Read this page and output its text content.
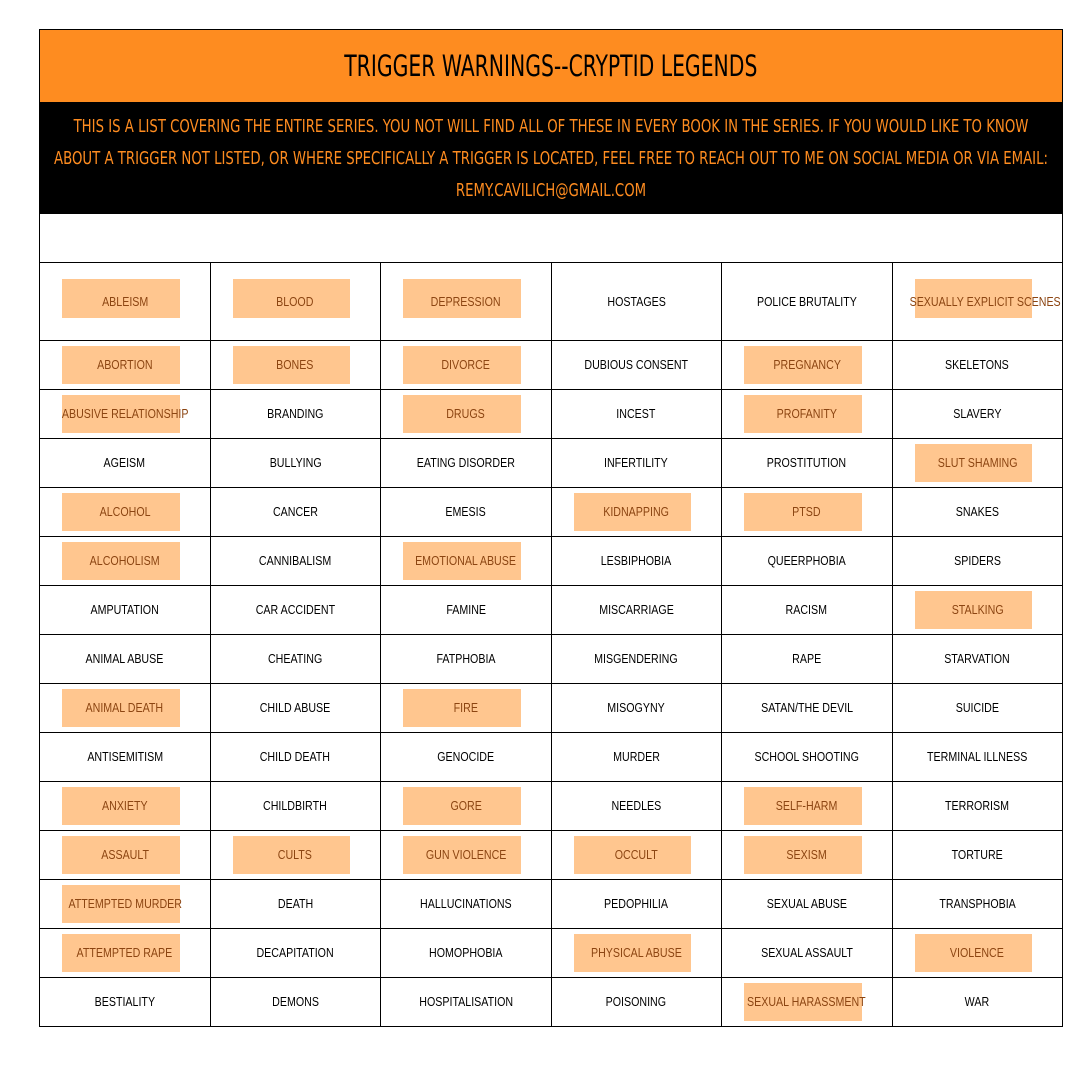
TRIGGER WARNINGS--CRYPTID LEGENDS
THIS IS A LIST COVERING THE ENTIRE SERIES. YOU NOT WILL FIND ALL OF THESE IN EVERY BOOK IN THE SERIES. IF YOU WOULD LIKE TO KNOW ABOUT A TRIGGER NOT LISTED, OR WHERE SPECIFICALLY A TRIGGER IS LOCATED, FEEL FREE TO REACH OUT TO ME ON SOCIAL MEDIA OR VIA EMAIL: REMY.CAVILICH@GMAIL.COM
ABLEISM	BLOOD	DEPRESSION	HOSTAGES	POLICE BRUTALITY	SEXUALLY EXPLICIT SCENES

ABORTION	BONES	DIVORCE	DUBIOUS CONSENT	PREGNANCY	SKELETONS

ABUSIVE RELATIONSHIP	BRANDING	DRUGS	INCEST	PROFANITY	SLAVERY
AGEISM	BULLYING	EATING DISORDER	INFERTILITY	PROSTITUTION	SLUT SHAMING

ALCOHOL	CANCER	EMESIS	KIDNAPPING	PTSD	SNAKES

ALCOHOLISM	CANNIBALISM	EMOTIONAL ABUSE	LESBIPHOBIA	QUEERPHOBIA	SPIDERS
AMPUTATION	CAR ACCIDENT	FAMINE	MISCARRIAGE	RACISM	STALKING
ANIMAL ABUSE	CHEATING	FATPHOBIA	MISGENDERING	RAPE	STARVATION

ANIMAL DEATH	CHILD ABUSE	FIRE	MISOGYNY	SATAN/THE DEVIL	SUICIDE
ANTISEMITISM	CHILD DEATH	GENOCIDE	MURDER	SCHOOL SHOOTING	TERMINAL ILLNESS

ANXIETY	CHILDBIRTH	GORE	NEEDLES	SELF-HARM	TERRORISM

ASSAULT	CULTS	GUN VIOLENCE	OCCULT	SEXISM	TORTURE

ATTEMPTED MURDER	DEATH	HALLUCINATIONS	PEDOPHILIA	SEXUAL ABUSE	TRANSPHOBIA

ATTEMPTED RAPE	DECAPITATION	HOMOPHOBIA	PHYSICAL ABUSE	SEXUAL ASSAULT	VIOLENCE
BESTIALITY	DEMONS	HOSPITALISATION	POISONING	SEXUAL HARASSMENT	WAR
